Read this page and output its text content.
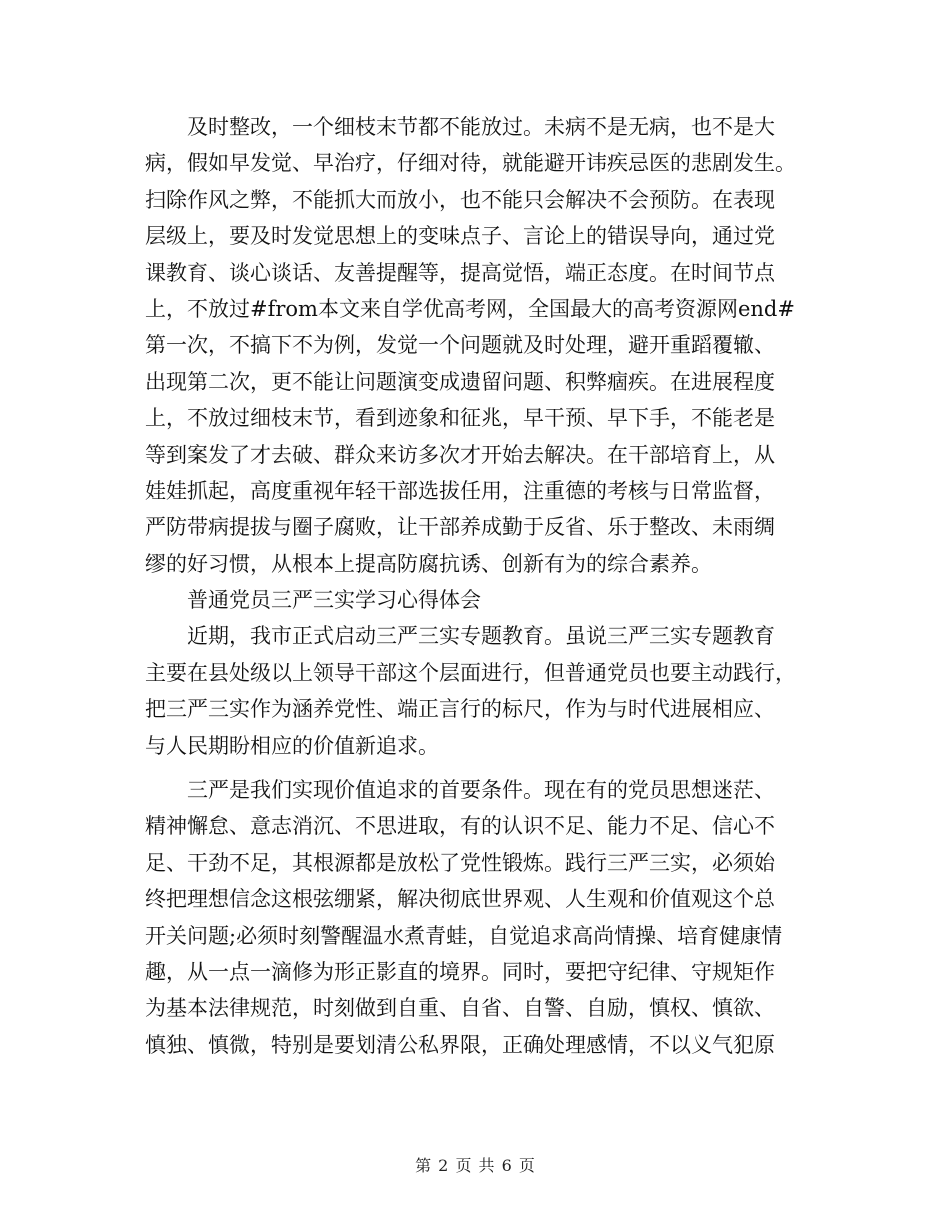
及时整改，一个细枝末节都不能放过。未病不是无病，也不是大
病，假如早发觉、早治疗，仔细对待，就能避开讳疾忌医的悲剧发生。
扫除作风之弊，不能抓大而放小，也不能只会解决不会预防。在表现
层级上，要及时发觉思想上的变味点子、言论上的错误导向，通过党
课教育、谈心谈话、友善提醒等，提高觉悟，端正态度。在时间节点
上，不放过#from本文来自学优高考网，全国最大的高考资源网end#
第一次，不搞下不为例，发觉一个问题就及时处理，避开重蹈覆辙、
出现第二次，更不能让问题演变成遗留问题、积弊痼疾。在进展程度
上，不放过细枝末节，看到迹象和征兆，早干预、早下手，不能老是
等到案发了才去破、群众来访多次才开始去解决。在干部培育上，从
娃娃抓起，高度重视年轻干部选拔任用，注重德的考核与日常监督，
严防带病提拔与圈子腐败，让干部养成勤于反省、乐于整改、未雨绸
缪的好习惯，从根本上提高防腐抗诱、创新有为的综合素养。
普通党员三严三实学习心得体会
近期，我市正式启动三严三实专题教育。虽说三严三实专题教育
主要在县处级以上领导干部这个层面进行，但普通党员也要主动践行，
把三严三实作为涵养党性、端正言行的标尺，作为与时代进展相应、
与人民期盼相应的价值新追求。
三严是我们实现价值追求的首要条件。现在有的党员思想迷茫、
精神懈怠、意志消沉、不思进取，有的认识不足、能力不足、信心不
足、干劲不足，其根源都是放松了党性锻炼。践行三严三实，必须始
终把理想信念这根弦绷紧，解决彻底世界观、人生观和价值观这个总
开关问题;必须时刻警醒温水煮青蛙，自觉追求高尚情操、培育健康情
趣，从一点一滴修为形正影直的境界。同时，要把守纪律、守规矩作
为基本法律规范，时刻做到自重、自省、自警、自励，慎权、慎欲、
慎独、慎微，特别是要划清公私界限，正确处理感情，不以义气犯原
第 2 页 共 6 页
